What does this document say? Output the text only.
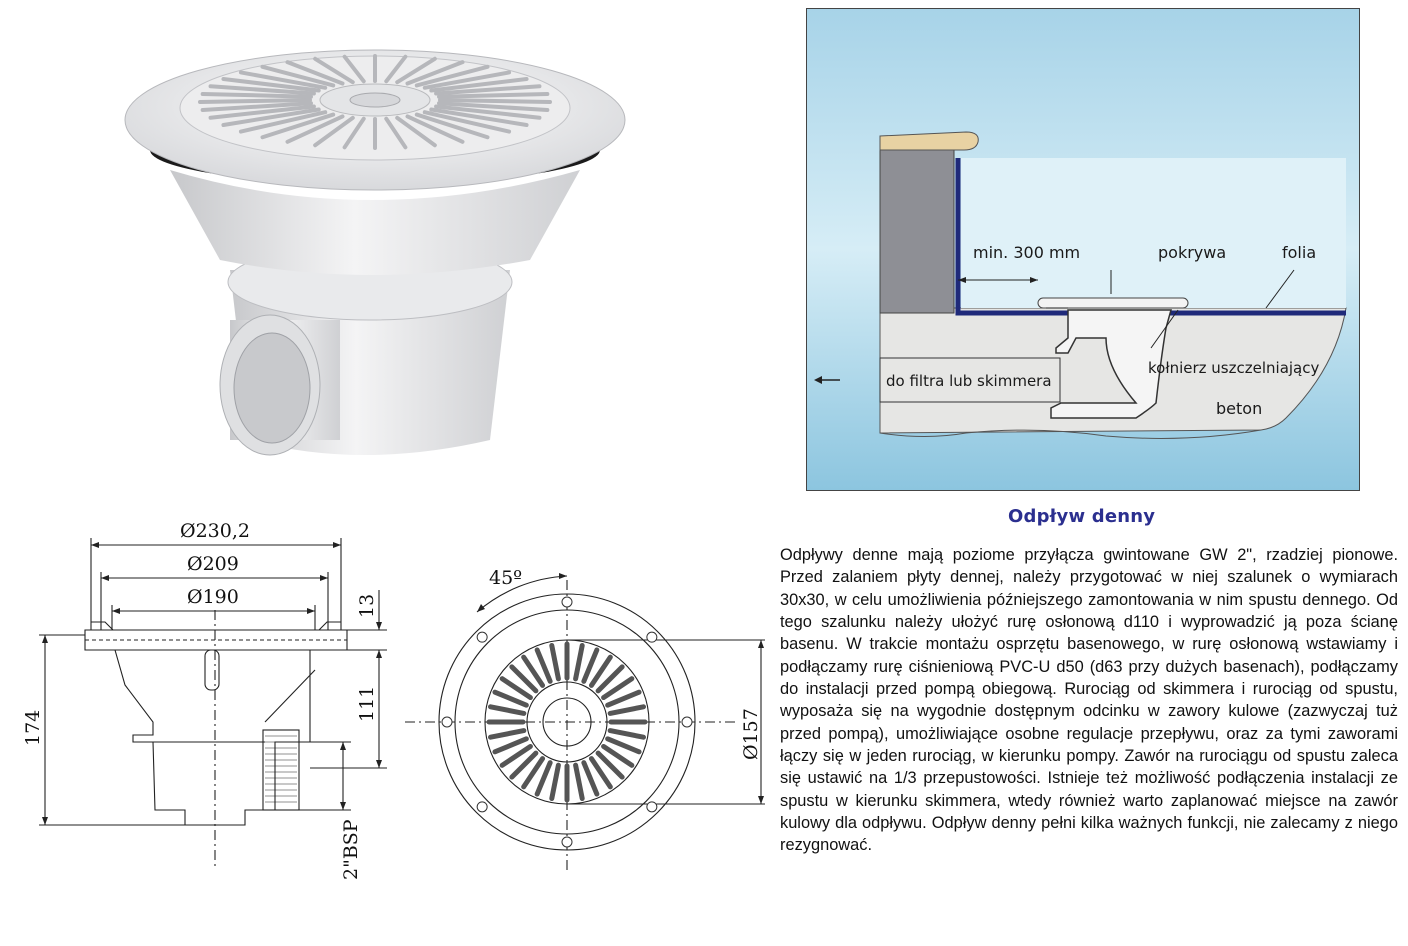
min. 300 mm	pokrywa	folia
do filtra lub skimmera
kołnierz uszczelniający
beton
Ø230,2
Ø209
Ø190	13
111
174
2"BSP
45º
Ø157
Odpływ denny
Odpływy denne mają poziome przyłącza gwintowane GW 2", rzadziej pionowe. Przed zalaniem płyty dennej, należy przygotować w niej szalunek o wymiarach 30x30, w celu umożliwienia późniejszego zamontowania w nim spustu dennego. Od tego szalunku należy ułożyć rurę osłonową d110 i wyprowadzić ją poza ścianę basenu. W trakcie montażu osprzętu basenowego, w rurę osłonową wstawiamy i podłączamy rurę ciśnieniową PVC-U d50 (d63 przy dużych basenach), podłączamy do instalacji przed pompą obiegową. Rurociąg od skimmera i rurociąg od spustu, wyposaża się na wygodnie dostępnym odcinku w zawory kulowe (zazwyczaj tuż przed pompą), umożliwiające osobne regulacje przepływu, oraz za tymi zaworami łączy się w jeden rurociąg, w kierunku pompy. Zawór na rurociągu od spustu zaleca się ustawić na 1/3 przepustowości. Istnieje też możliwość podłączenia instalacji ze spustu w kierunku skimmera, wtedy również warto zaplanować miejsce na zawór kulowy dla odpływu. Odpływ denny pełni kilka ważnych funkcji, nie zalecamy z niego rezygnować.
